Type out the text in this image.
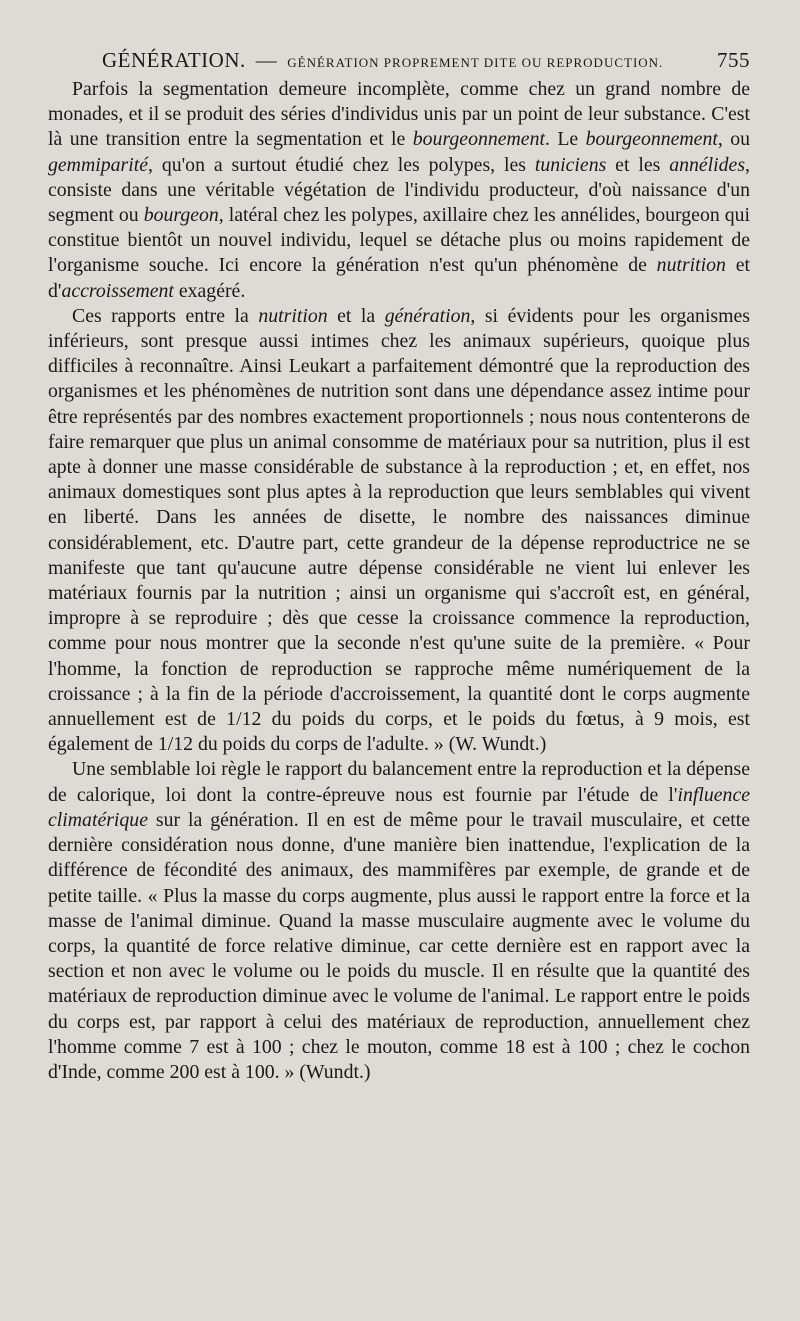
GÉNÉRATION. — GÉNÉRATION PROPREMENT DITE OU REPRODUCTION.	755

Parfois la segmentation demeure incomplète, comme chez un grand nombre de monades, et il se produit des séries d'individus unis par un point de leur substance. C'est là une transition entre la segmentation et le bourgeonnement. Le bourgeonnement, ou gemmiparité, qu'on a surtout étudié chez les polypes, les tuniciens et les annélides, consiste dans une véritable végétation de l'individu producteur, d'où naissance d'un segment ou bourgeon, latéral chez les polypes, axillaire chez les annélides, bourgeon qui constitue bientôt un nouvel individu, lequel se détache plus ou moins rapidement de l'organisme souche. Ici encore la génération n'est qu'un phénomène de nutrition et d'accroissement exagéré.

Ces rapports entre la nutrition et la génération, si évidents pour les organismes inférieurs, sont presque aussi intimes chez les animaux supérieurs, quoique plus difficiles à reconnaître. Ainsi Leukart a parfaitement démontré que la reproduction des organismes et les phénomènes de nutrition sont dans une dépendance assez intime pour être représentés par des nombres exactement proportionnels ; nous nous contenterons de faire remarquer que plus un animal consomme de matériaux pour sa nutrition, plus il est apte à donner une masse considérable de substance à la reproduction ; et, en effet, nos animaux domestiques sont plus aptes à la reproduction que leurs semblables qui vivent en liberté. Dans les années de disette, le nombre des naissances diminue considérablement, etc. D'autre part, cette grandeur de la dépense reproductrice ne se manifeste que tant qu'aucune autre dépense considérable ne vient lui enlever les matériaux fournis par la nutrition ; ainsi un organisme qui s'accroît est, en général, impropre à se reproduire ; dès que cesse la croissance commence la reproduction, comme pour nous montrer que la seconde n'est qu'une suite de la première. « Pour l'homme, la fonction de reproduction se rapproche même numériquement de la croissance ; à la fin de la période d'accroissement, la quantité dont le corps augmente annuellement est de 1/12 du poids du corps, et le poids du fœtus, à 9 mois, est également de 1/12 du poids du corps de l'adulte. » (W. Wundt.)

Une semblable loi règle le rapport du balancement entre la reproduction et la dépense de calorique, loi dont la contre-épreuve nous est fournie par l'étude de l'influence climatérique sur la génération. Il en est de même pour le travail musculaire, et cette dernière considération nous donne, d'une manière bien inattendue, l'explication de la différence de fécondité des animaux, des mammifères par exemple, de grande et de petite taille. « Plus la masse du corps augmente, plus aussi le rapport entre la force et la masse de l'animal diminue. Quand la masse musculaire augmente avec le volume du corps, la quantité de force relative diminue, car cette dernière est en rapport avec la section et non avec le volume ou le poids du muscle. Il en résulte que la quantité des matériaux de reproduction diminue avec le volume de l'animal. Le rapport entre le poids du corps est, par rapport à celui des matériaux de reproduction, annuellement chez l'homme comme 7 est à 100 ; chez le mouton, comme 18 est à 100 ; chez le cochon d'Inde, comme 200 est à 100. » (Wundt.)
